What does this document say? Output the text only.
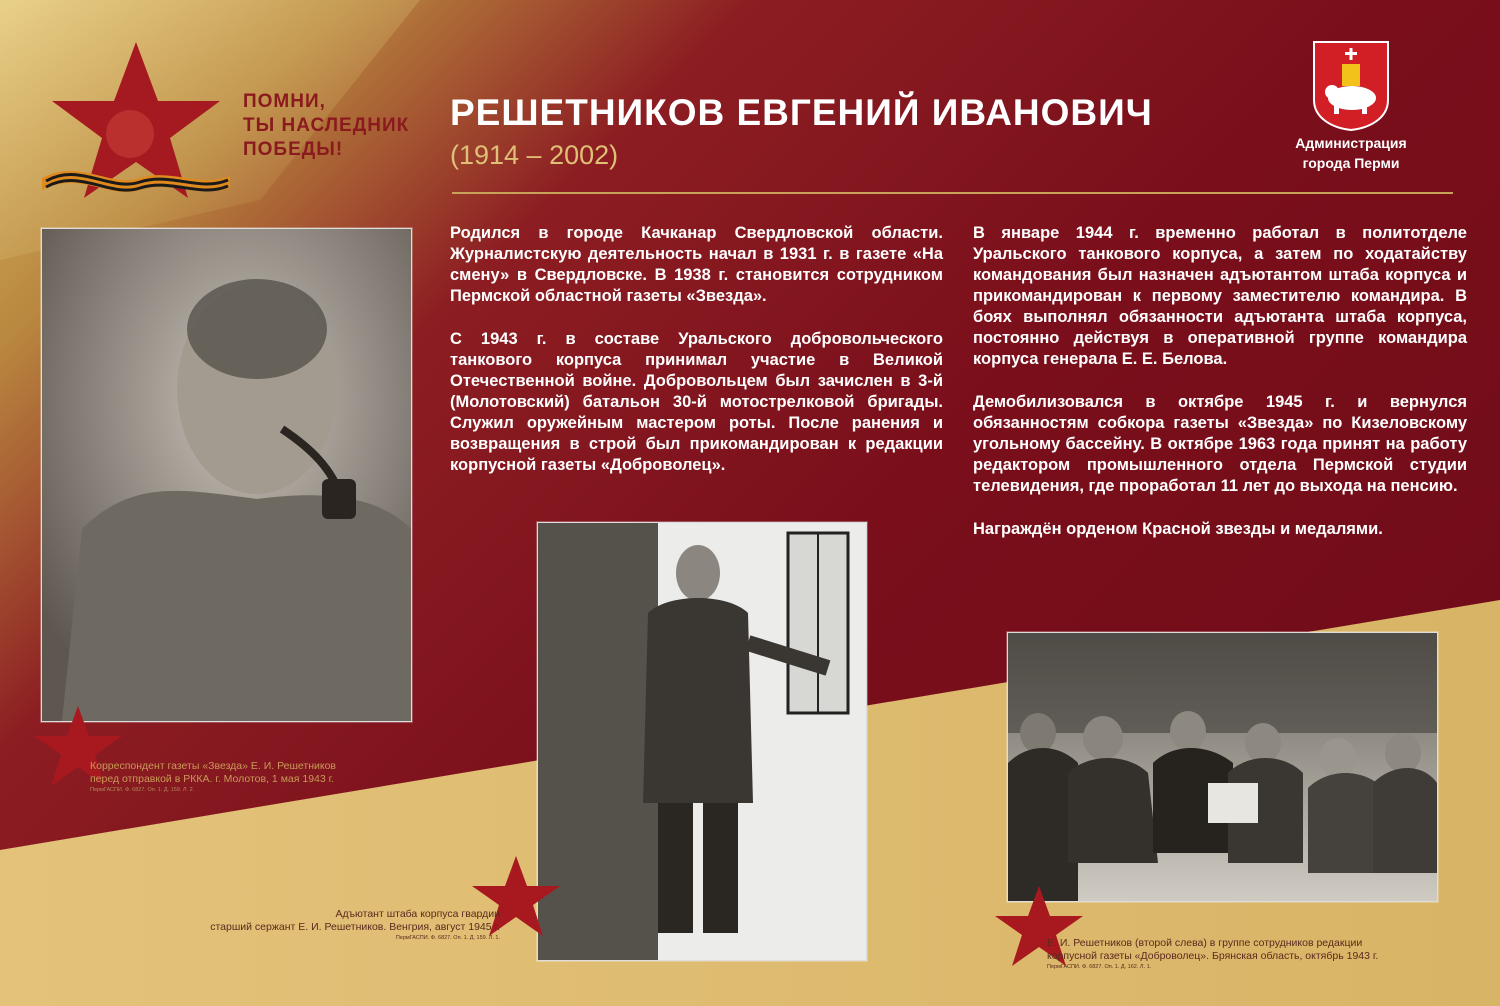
ПОМНИ,
ТЫ НАСЛЕДНИК
ПОБЕДЫ!
РЕШЕТНИКОВ ЕВГЕНИЙ ИВАНОВИЧ
(1914 – 2002)	Администрация
города Перми
Корреспондент газеты «Звезда» Е. И. Решетников
перед отправкой в РККА. г. Молотов, 1 мая 1943 г.
ПермГАСПИ. Ф. 6827. Оп. 1. Д. 159. Л. 2.
Адъютант штаба корпуса гвардии
старший сержант Е. И. Решетников. Венгрия, август 1945 г.
ПермГАСПИ. Ф. 6827. Оп. 1. Д. 159. Л. 1.

Родился в городе Качканар Свердловской области. Журналистскую деятельность начал в 1931 г. в газете «На смену» в Свердловске. В 1938 г. становится сотрудником Пермской областной газеты «Звезда».

С 1943 г. в составе Уральского добровольческого танкового корпуса принимал участие в Великой Отечественной войне. Добровольцем был зачислен в 3-й (Молотовский) батальон 30-й мотострелковой бригады. Служил оружейным мастером роты. После ранения и возвращения в строй был прикомандирован к редакции корпусной газеты «Доброволец».

В январе 1944 г. временно работал в политотделе Уральского танкового корпуса, а затем по ходатайству командования был назначен адъютантом штаба корпуса и прикомандирован к первому заместителю командира. В боях выполнял обязанности адъютанта штаба корпуса, постоянно действуя в оперативной группе командира корпуса генерала Е. Е. Белова.

Демобилизовался в октябре 1945 г. и вернулся обязанностям собкора газеты «Звезда» по Кизеловскому угольному бассейну. В октябре 1963 года принят на работу редактором промышленного отдела Пермской студии телевидения, где проработал 11 лет до выхода на пенсию.

Награждён орденом Красной звезды и медалями.

Е. И. Решетников (второй слева) в группе сотрудников редакции
корпусной газеты «Доброволец». Брянская область, октябрь 1943 г.
ПермГАСПИ. Ф. 6827. Оп. 1. Д. 162. Л. 1.
